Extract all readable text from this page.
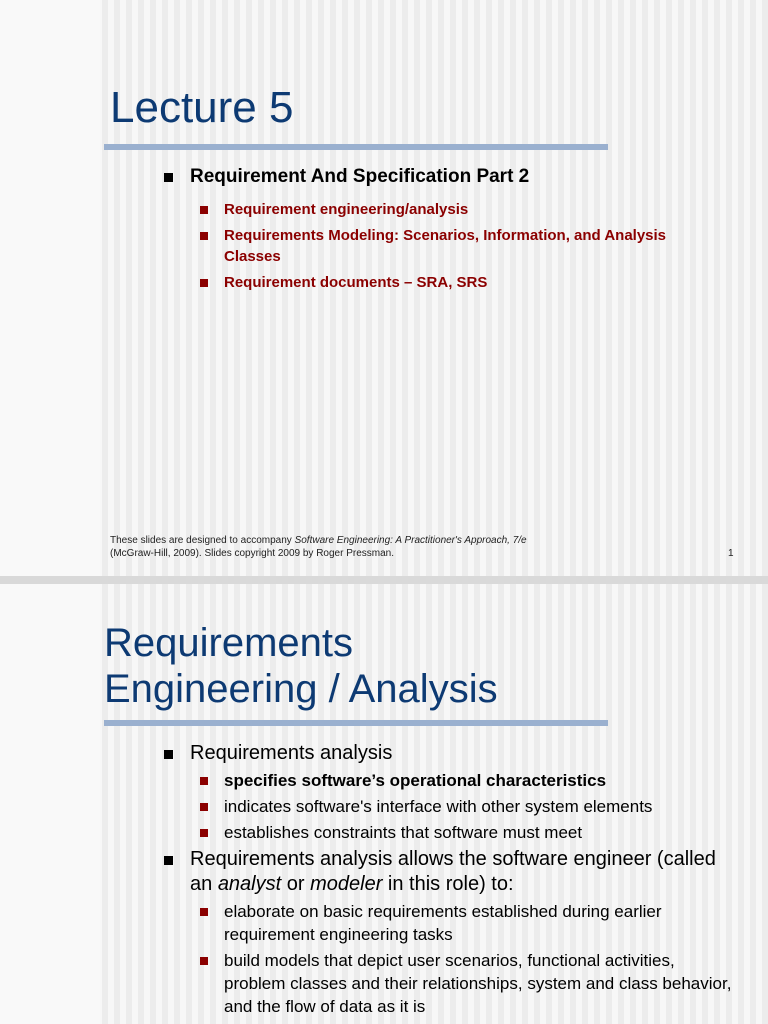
Lecture 5
Requirement And Specification Part 2
Requirement engineering/analysis
Requirements Modeling: Scenarios, Information, and Analysis Classes
Requirement documents – SRA, SRS
These slides are designed to accompany Software Engineering: A Practitioner's Approach, 7/e
(McGraw-Hill, 2009). Slides copyright 2009 by Roger Pressman.	1
Requirements
Engineering / Analysis
Requirements analysis
specifies software’s operational characteristics
indicates software's interface with other system elements
establishes constraints that software must meet
Requirements analysis allows the software engineer (called an analyst or modeler in this role) to:
elaborate on basic requirements established during earlier requirement engineering tasks
build models that depict user scenarios, functional activities, problem classes and their relationships, system and class behavior, and the flow of data as it is
